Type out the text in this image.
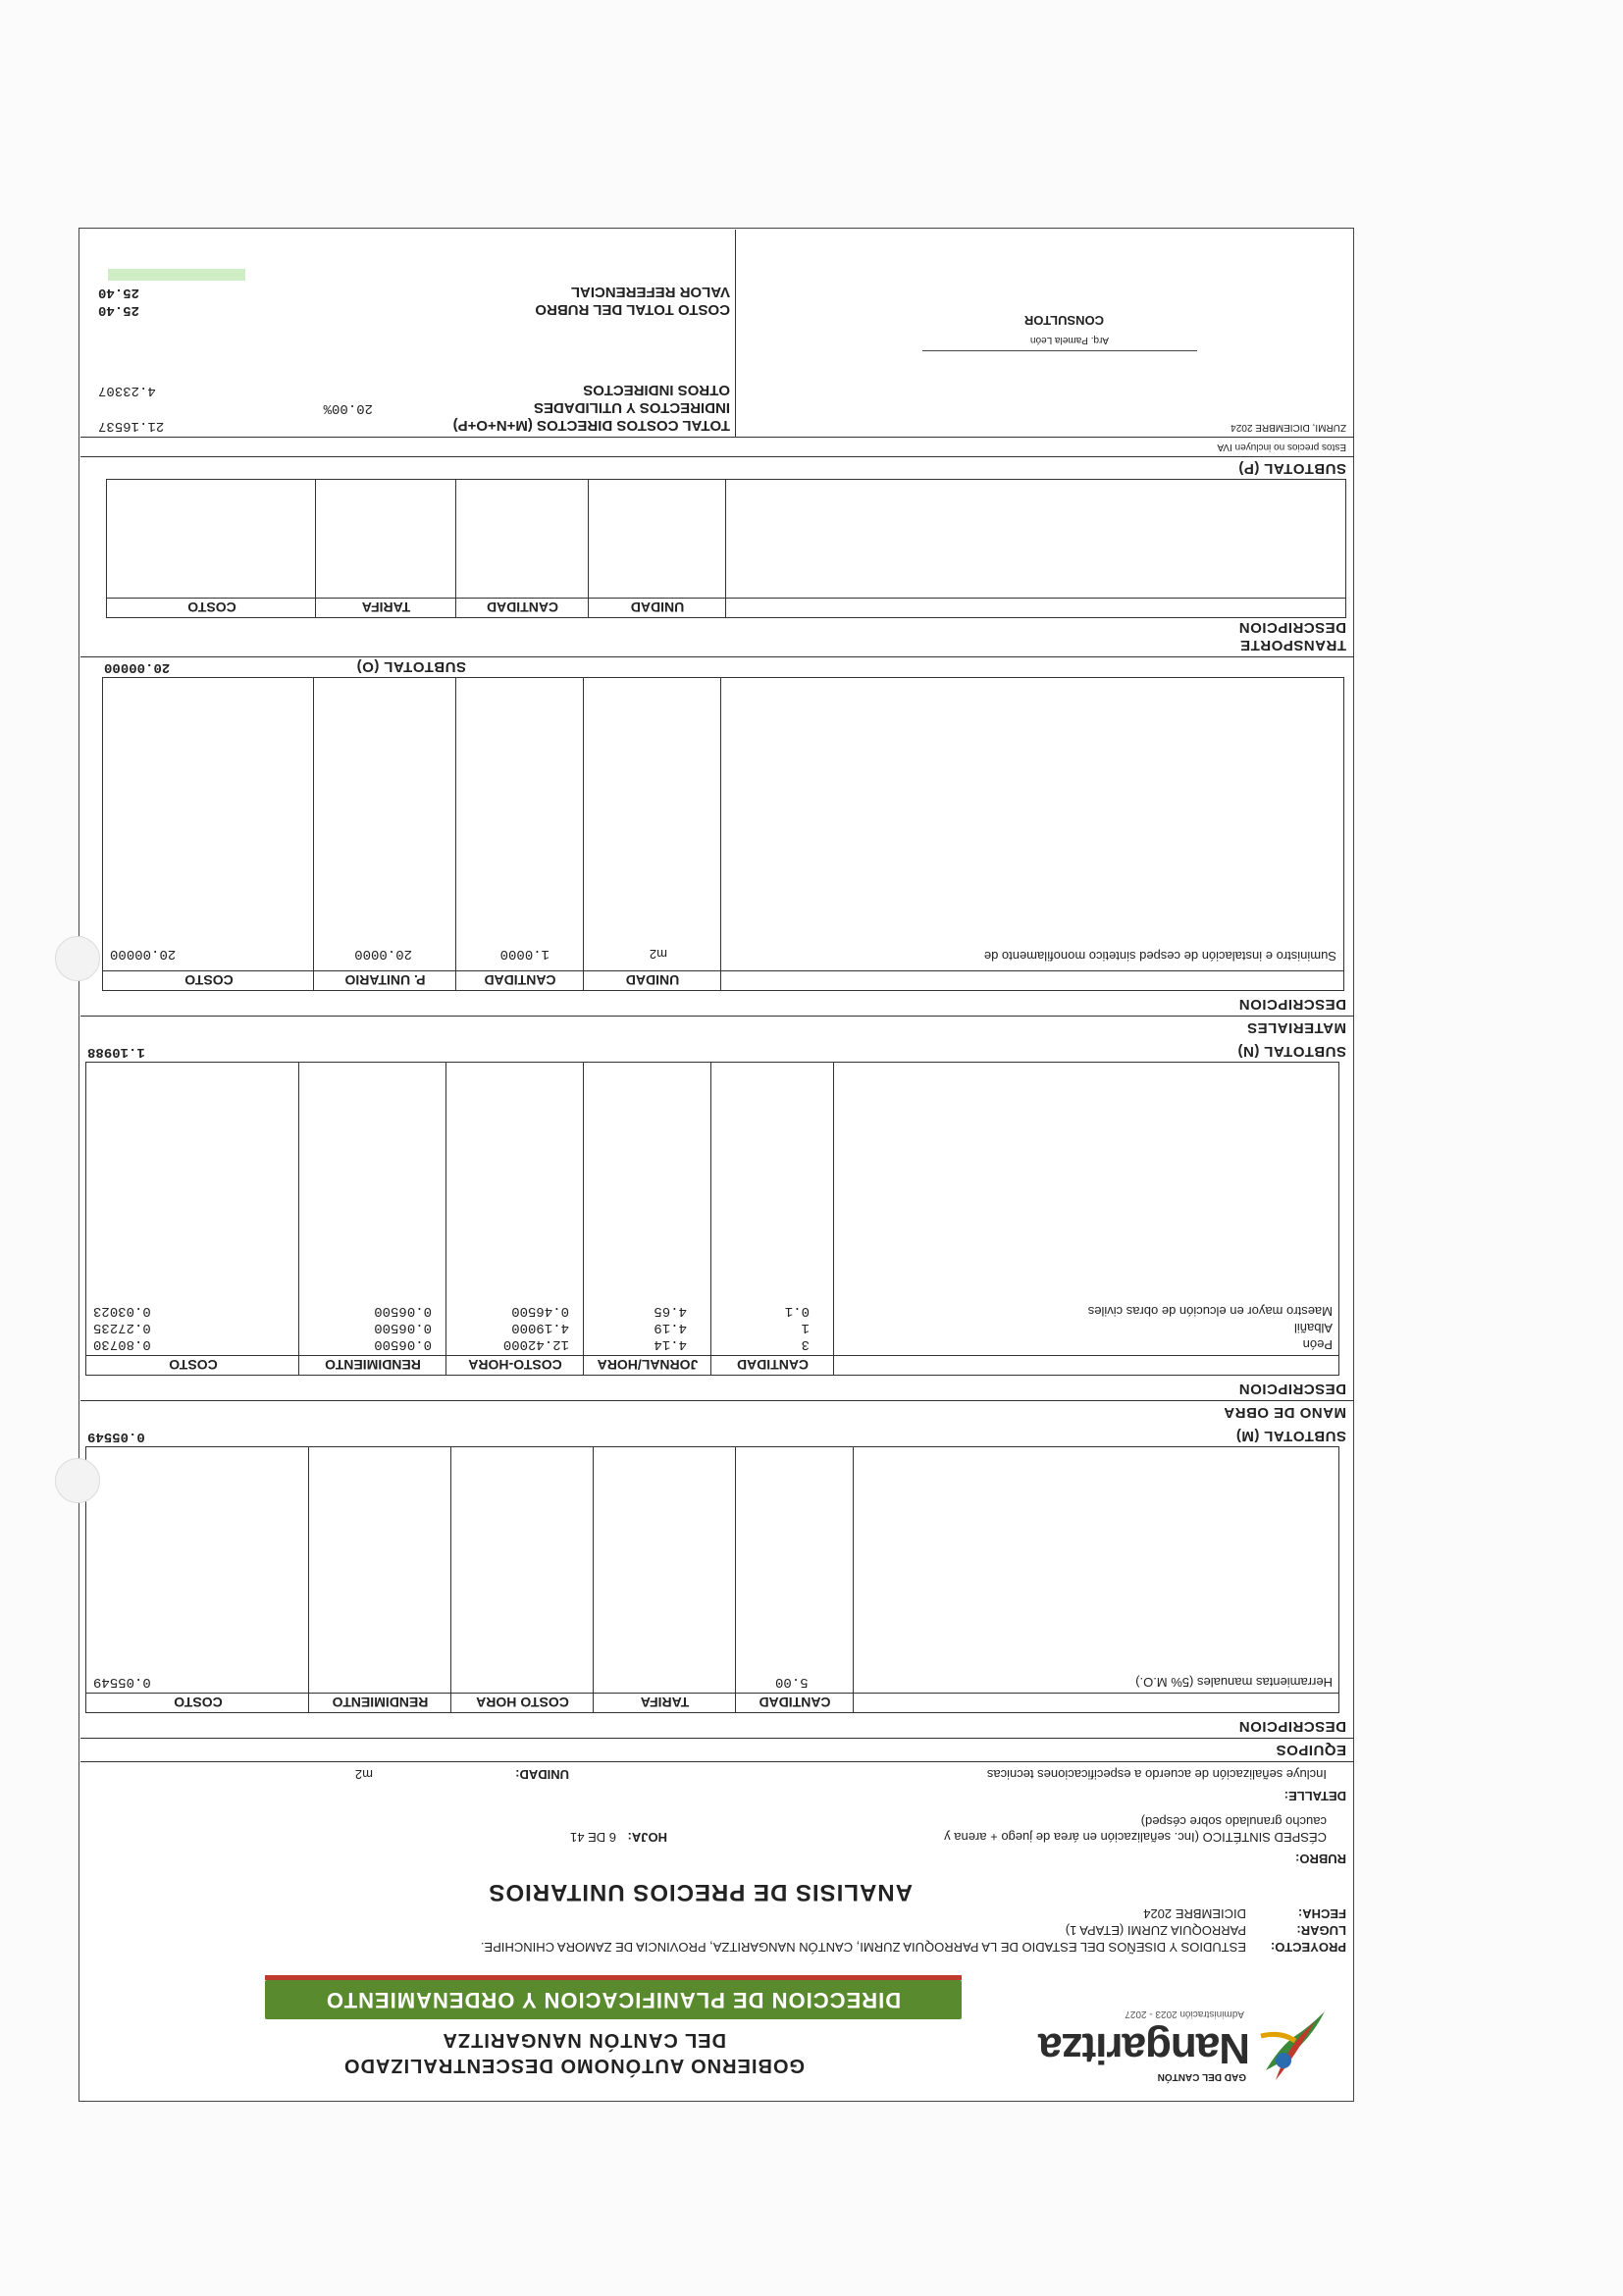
GAD DEL CANTÓN
Nangaritza
Administración 2023 - 2027
GOBIERNO AUTÓNOMO DESCENTRALIZADO
DEL CANTÓN NANGARITZA
DIRECCION DE PLANIFICACION Y ORDENAMIENTO
PROYECTO:
ESTUDIOS Y DISEÑOS DEL ESTADIO DE LA PARROQUIA ZURMI, CANTÓN NANGARITZA, PROVINCIA DE ZAMORA CHINCHIPE.
LUGAR:
PARROQUIA ZURMI (ETAPA 1)
FECHA:
DICIEMBRE 2024
ANALISIS DE PRECIOS UNITARIOS
RUBRO:
CÉSPED SINTÉTICO (Inc. señalización en área de juego + arena y
caucho granulado sobre césped)
HOJA:
6 DE 41
DETALLE:
Incluye señalización de acuerdo a especificaciones tecnicas
UNIDAD:
m2
EQUIPOS
DESCRIPCION
CANTIDAD
TARIFA
COSTO HORA
RENDIMIENTO
COSTO
Herramientas manuales (5% M.O.)
5.00
0.05549
SUBTOTAL (M)
0.05549
MANO DE OBRA
DESCRIPCION
CANTIDAD
JORNAL/HORA
COSTO-HORA
RENDIMIENTO
COSTO
Peón
3
4.14
12.42000
0.06500
0.80730
Albañil
1
4.19
4.19000
0.06500
0.27235
Maestro mayor en elcución de obras civiles
0.1
4.65
0.46500
0.06500
0.03023
SUBTOTAL (N)
1.10988
MATERIALES
DESCRIPCION
UNIDAD
CANTIDAD
P. UNITARIO
COSTO
Suministro e instalación de cesped sintetico monofilamento de
m2
1.0000
20.0000
20.00000
SUBTOTAL (O)
20.00000
TRANSPORTE
DESCRIPCION
UNIDAD
CANTIDAD
TARIFA
COSTO
SUBTOTAL (P)
Estos precios no incluyen IVA
ZURMI, DICIEMBRE 2024
TOTAL COSTOS DIRECTOS (M+N+O+P)
21.16537
INDIRECTOS Y UTILIDADES
20.00%
OTROS INDIRECTOS
4.23307
Arq. Pamela León
CONSULTOR
COSTO TOTAL DEL RUBRO
25.40
VALOR REFERENCIAL
25.40
